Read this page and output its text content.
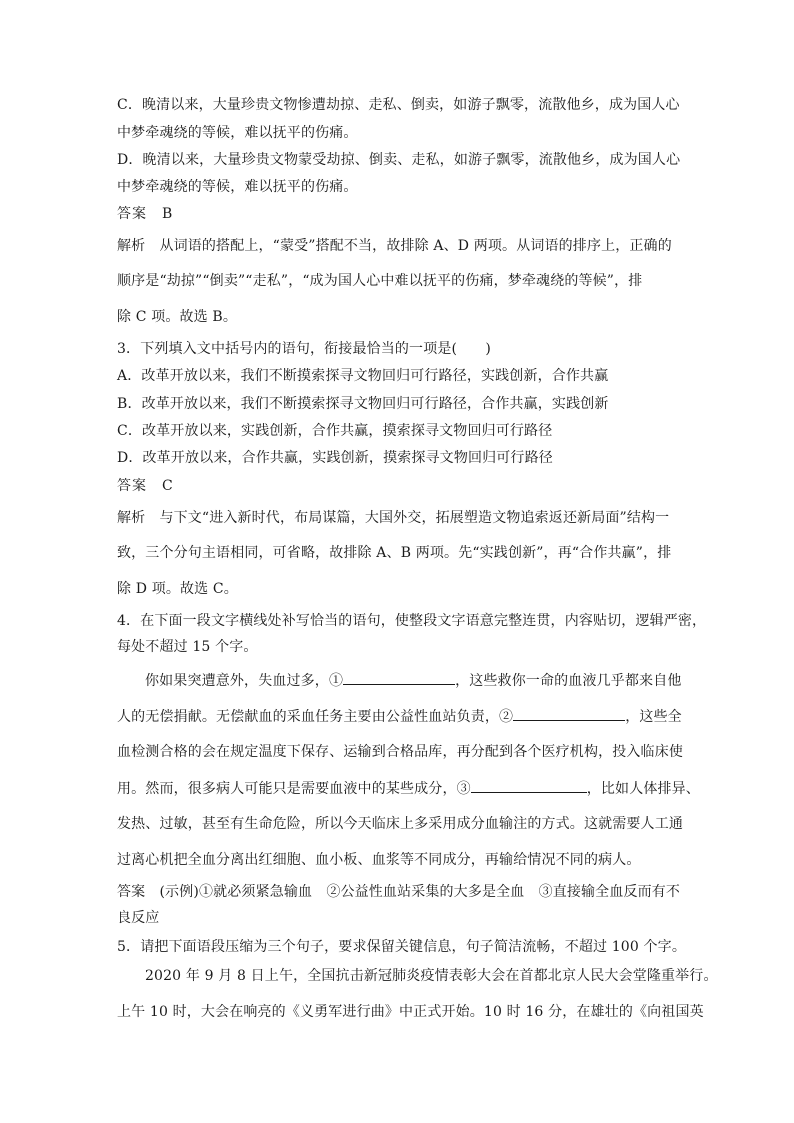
C．晚清以来，大量珍贵文物惨遭劫掠、走私、倒卖，如游子飘零，流散他乡，成为国人心
中梦牵魂绕的等候，难以抚平的伤痛。
D．晚清以来，大量珍贵文物蒙受劫掠、倒卖、走私，如游子飘零，流散他乡，成为国人心
中梦牵魂绕的等候，难以抚平的伤痛。
答案　B
解析　从词语的搭配上，“蒙受”搭配不当，故排除 A、D 两项。从词语的排序上，正确的
顺序是“劫掠”“倒卖”“走私”，“成为国人心中难以抚平的伤痛，梦牵魂绕的等候”，排
除 C 项。故选 B。
3．下列填入文中括号内的语句，衔接最恰当的一项是(　　)
A．改革开放以来，我们不断摸索探寻文物回归可行路径，实践创新，合作共赢
B．改革开放以来，我们不断摸索探寻文物回归可行路径，合作共赢，实践创新
C．改革开放以来，实践创新，合作共赢，摸索探寻文物回归可行路径
D．改革开放以来，合作共赢，实践创新，摸索探寻文物回归可行路径
答案　C
解析　与下文“进入新时代，布局谋篇，大国外交，拓展塑造文物追索返还新局面”结构一
致，三个分句主语相同，可省略，故排除 A、B 两项。先“实践创新”，再“合作共赢”，排
除 D 项。故选 C。
4．在下面一段文字横线处补写恰当的语句，使整段文字语意完整连贯，内容贴切，逻辑严密，
每处不超过 15 个字。
你如果突遭意外，失血过多，①	，这些救你一命的血液几乎都来自他
人的无偿捐献。无偿献血的采血任务主要由公益性血站负责，②	，这些全
血检测合格的会在规定温度下保存、运输到合格品库，再分配到各个医疗机构，投入临床使
用。然而，很多病人可能只是需要血液中的某些成分，③	，比如人体排异、
发热、过敏，甚至有生命危险，所以今天临床上多采用成分血输注的方式。这就需要人工通
过离心机把全血分离出红细胞、血小板、血浆等不同成分，再输给情况不同的病人。
答案　(示例)①就必须紧急输血　②公益性血站采集的大多是全血　③直接输全血反而有不
良反应
5．请把下面语段压缩为三个句子，要求保留关键信息，句子简洁流畅，不超过 100 个字。
2020 年 9 月 8 日上午，全国抗击新冠肺炎疫情表彰大会在首都北京人民大会堂隆重举行。
上午 10 时，大会在响亮的《义勇军进行曲》中正式开始。10 时 16 分，在雄壮的《向祖国英
